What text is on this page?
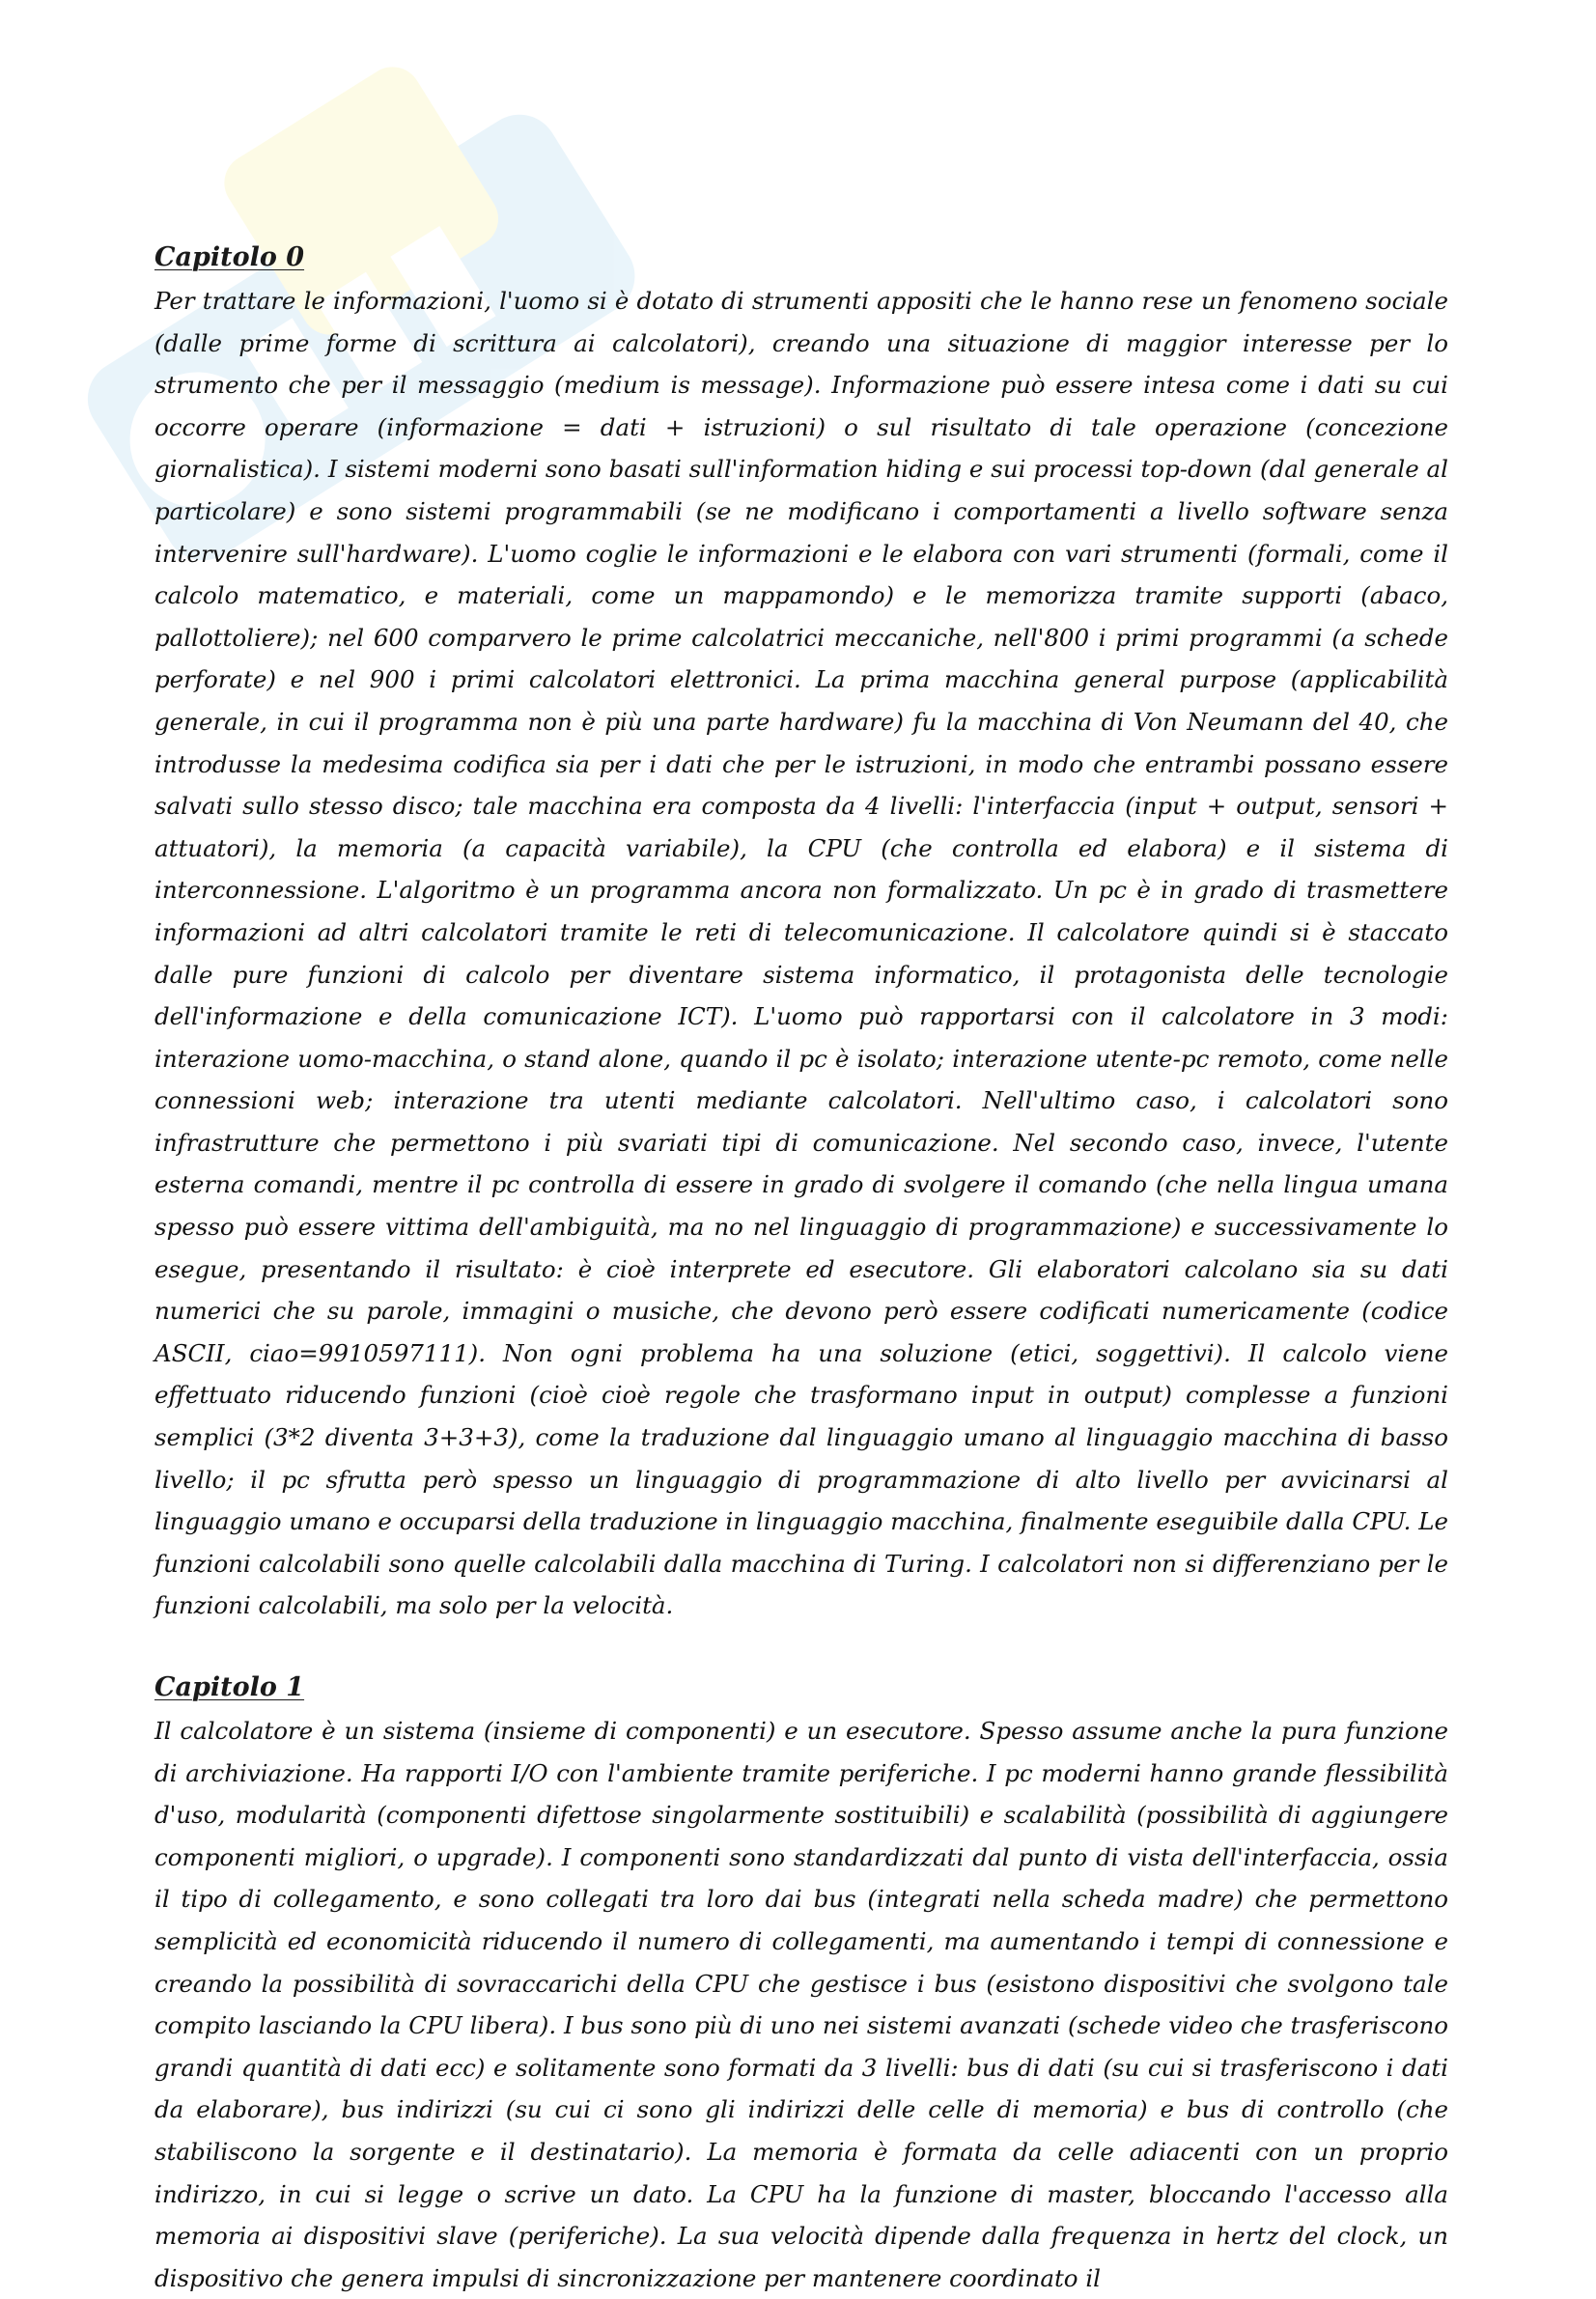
Capitolo 0

Per trattare le informazioni, l'uomo si è dotato di strumenti appositi che le hanno rese un fenomeno sociale (dalle prime forme di scrittura ai calcolatori), creando una situazione di maggior interesse per lo strumento che per il messaggio (medium is message). Informazione può essere intesa come i dati su cui occorre operare (informazione = dati + istruzioni) o sul risultato di tale operazione (concezione giornalistica). I sistemi moderni sono basati sull'information hiding e sui processi top-down (dal generale al particolare) e sono sistemi programmabili (se ne modificano i comportamenti a livello software senza intervenire sull'hardware). L'uomo coglie le informazioni e le elabora con vari strumenti (formali, come il calcolo matematico, e materiali, come un mappamondo) e le memorizza tramite supporti (abaco, pallottoliere); nel 600 comparvero le prime calcolatrici meccaniche, nell'800 i primi programmi (a schede perforate) e nel 900 i primi calcolatori elettronici. La prima macchina general purpose (applicabilità generale, in cui il programma non è più una parte hardware) fu la macchina di Von Neumann del 40, che introdusse la medesima codifica sia per i dati che per le istruzioni, in modo che entrambi possano essere salvati sullo stesso disco; tale macchina era composta da 4 livelli: l'interfaccia (input + output, sensori + attuatori), la memoria (a capacità variabile), la CPU (che controlla ed elabora) e il sistema di interconnessione. L'algoritmo è un programma ancora non formalizzato. Un pc è in grado di trasmettere informazioni ad altri calcolatori tramite le reti di telecomunicazione. Il calcolatore quindi si è staccato dalle pure funzioni di calcolo per diventare sistema informatico, il protagonista delle tecnologie dell'informazione e della comunicazione ICT). L'uomo può rapportarsi con il calcolatore in 3 modi: interazione uomo-macchina, o stand alone, quando il pc è isolato; interazione utente-pc remoto, come nelle connessioni web; interazione tra utenti mediante calcolatori. Nell'ultimo caso, i calcolatori sono infrastrutture che permettono i più svariati tipi di comunicazione. Nel secondo caso, invece, l'utente esterna comandi, mentre il pc controlla di essere in grado di svolgere il comando (che nella lingua umana spesso può essere vittima dell'ambiguità, ma no nel linguaggio di programmazione) e successivamente lo esegue, presentando il risultato: è cioè interprete ed esecutore. Gli elaboratori calcolano sia su dati numerici che su parole, immagini o musiche, che devono però essere codificati numericamente (codice ASCII, ciao=9910597111). Non ogni problema ha una soluzione (etici, soggettivi). Il calcolo viene effettuato riducendo funzioni (cioè cioè regole che trasformano input in output) complesse a funzioni semplici (3*2 diventa 3+3+3), come la traduzione dal linguaggio umano al linguaggio macchina di basso livello; il pc sfrutta però spesso un linguaggio di programmazione di alto livello per avvicinarsi al linguaggio umano e occuparsi della traduzione in linguaggio macchina, finalmente eseguibile dalla CPU. Le funzioni calcolabili sono quelle calcolabili dalla macchina di Turing. I calcolatori non si differenziano per le funzioni calcolabili, ma solo per la velocità.

Capitolo 1

Il calcolatore è un sistema (insieme di componenti) e un esecutore. Spesso assume anche la pura funzione di archiviazione. Ha rapporti I/O con l'ambiente tramite periferiche. I pc moderni hanno grande flessibilità d'uso, modularità (componenti difettose singolarmente sostituibili) e scalabilità (possibilità di aggiungere componenti migliori, o upgrade). I componenti sono standardizzati dal punto di vista dell'interfaccia, ossia il tipo di collegamento, e sono collegati tra loro dai bus (integrati nella scheda madre) che permettono semplicità ed economicità riducendo il numero di collegamenti, ma aumentando i tempi di connessione e creando la possibilità di sovraccarichi della CPU che gestisce i bus (esistono dispositivi che svolgono tale compito lasciando la CPU libera). I bus sono più di uno nei sistemi avanzati (schede video che trasferiscono grandi quantità di dati ecc) e solitamente sono formati da 3 livelli: bus di dati (su cui si trasferiscono i dati da elaborare), bus indirizzi (su cui ci sono gli indirizzi delle celle di memoria) e bus di controllo (che stabiliscono la sorgente e il destinatario). La memoria è formata da celle adiacenti con un proprio indirizzo, in cui si legge o scrive un dato. La CPU ha la funzione di master, bloccando l'accesso alla memoria ai dispositivi slave (periferiche). La sua velocità dipende dalla frequenza in hertz del clock, un dispositivo che genera impulsi di sincronizzazione per mantenere coordinato il
